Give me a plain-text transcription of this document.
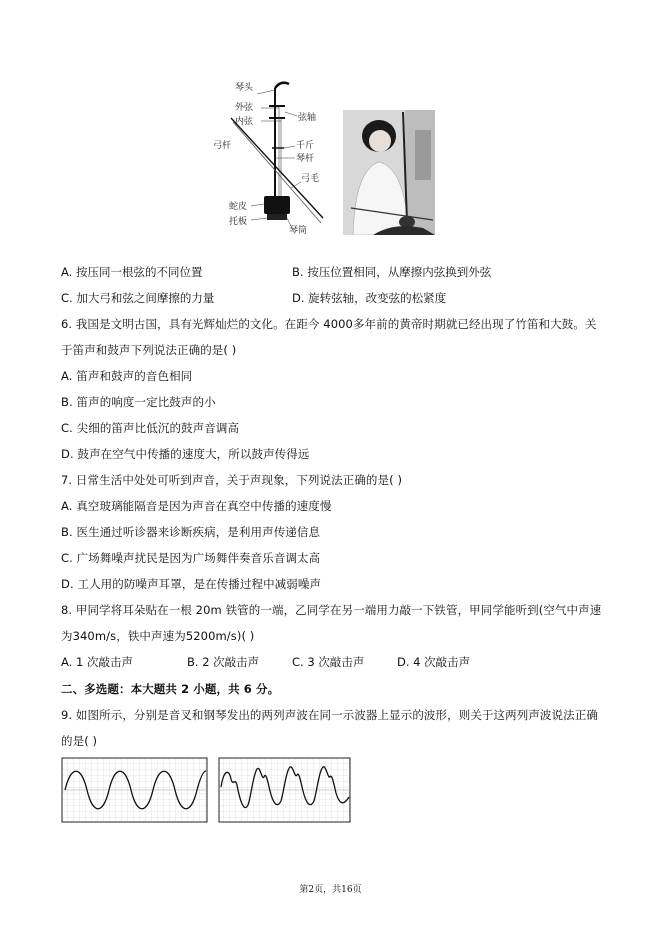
琴头
外弦
内弦	弦轴
弓杆	千斤
琴杆
弓毛
蛇皮
托板
琴筒
A. 按压同一根弦的不同位置	B. 按压位置相同，从摩擦内弦换到外弦
C. 加大弓和弦之间摩擦的力量	D. 旋转弦轴，改变弦的松紧度
6. 我国是文明古国，具有光辉灿烂的文化。在距今 4000多年前的黄帝时期就已经出现了竹笛和大鼓。关
于笛声和鼓声下列说法正确的是( )
A. 笛声和鼓声的音色相同
B. 笛声的响度一定比鼓声的小
C. 尖细的笛声比低沉的鼓声音调高
D. 鼓声在空气中传播的速度大，所以鼓声传得远
7. 日常生活中处处可听到声音，关于声现象，下列说法正确的是( )
A. 真空玻璃能隔音是因为声音在真空中传播的速度慢
B. 医生通过听诊器来诊断疾病，是利用声传递信息
C. 广场舞噪声扰民是因为广场舞伴奏音乐音调太高
D. 工人用的防噪声耳罩，是在传播过程中减弱噪声
8. 甲同学将耳朵贴在一根 20m 铁管的一端，乙同学在另一端用力敲一下铁管，甲同学能听到(空气中声速
为340m/s，铁中声速为5200m/s)( )
A. 1 次敲击声	B. 2 次敲击声	C. 3 次敲击声	D. 4 次敲击声
二、多选题：本大题共 2 小题，共 6 分。
9. 如图所示，分别是音叉和钢琴发出的两列声波在同一示波器上显示的波形，则关于这两列声波说法正确
的是( )
第2页，共16页
